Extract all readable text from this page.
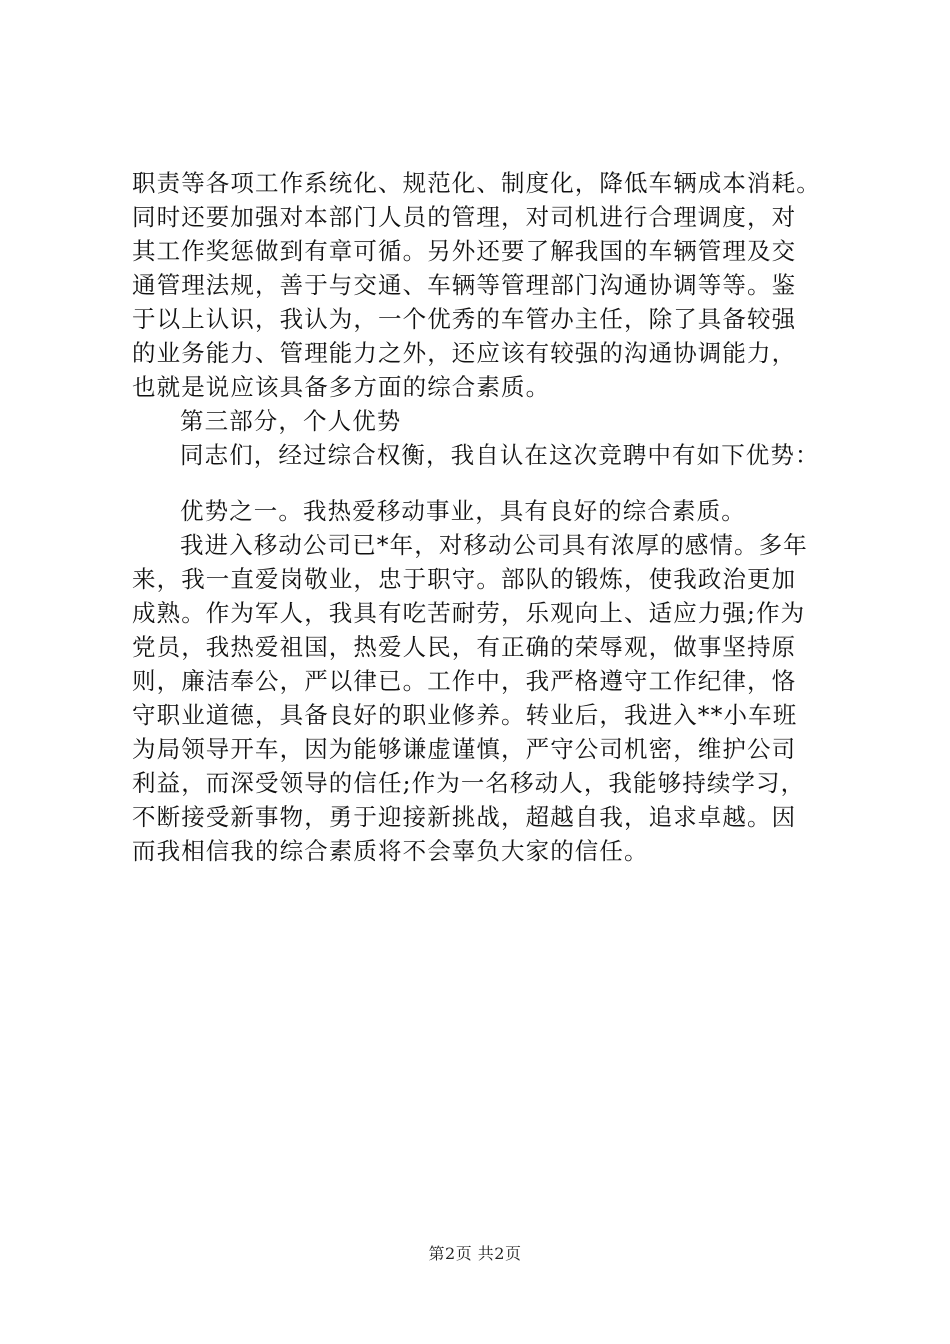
职责等各项工作系统化、规范化、制度化，降低车辆成本消耗。
同时还要加强对本部门人员的管理，对司机进行合理调度，对
其工作奖惩做到有章可循。另外还要了解我国的车辆管理及交
通管理法规，善于与交通、车辆等管理部门沟通协调等等。鉴
于以上认识，我认为，一个优秀的车管办主任，除了具备较强
的业务能力、管理能力之外，还应该有较强的沟通协调能力，
也就是说应该具备多方面的综合素质。
第三部分，个人优势
同志们，经过综合权衡，我自认在这次竞聘中有如下优势：
优势之一。我热爱移动事业，具有良好的综合素质。
我进入移动公司已*年，对移动公司具有浓厚的感情。多年
来，我一直爱岗敬业，忠于职守。部队的锻炼，使我政治更加
成熟。作为军人，我具有吃苦耐劳，乐观向上、适应力强;作为
党员，我热爱祖国，热爱人民，有正确的荣辱观，做事坚持原
则，廉洁奉公，严以律已。工作中，我严格遵守工作纪律，恪
守职业道德，具备良好的职业修养。转业后，我进入**小车班
为局领导开车，因为能够谦虚谨慎，严守公司机密，维护公司
利益，而深受领导的信任;作为一名移动人，我能够持续学习，
不断接受新事物，勇于迎接新挑战，超越自我，追求卓越。因
而我相信我的综合素质将不会辜负大家的信任。
第2页 共2页
